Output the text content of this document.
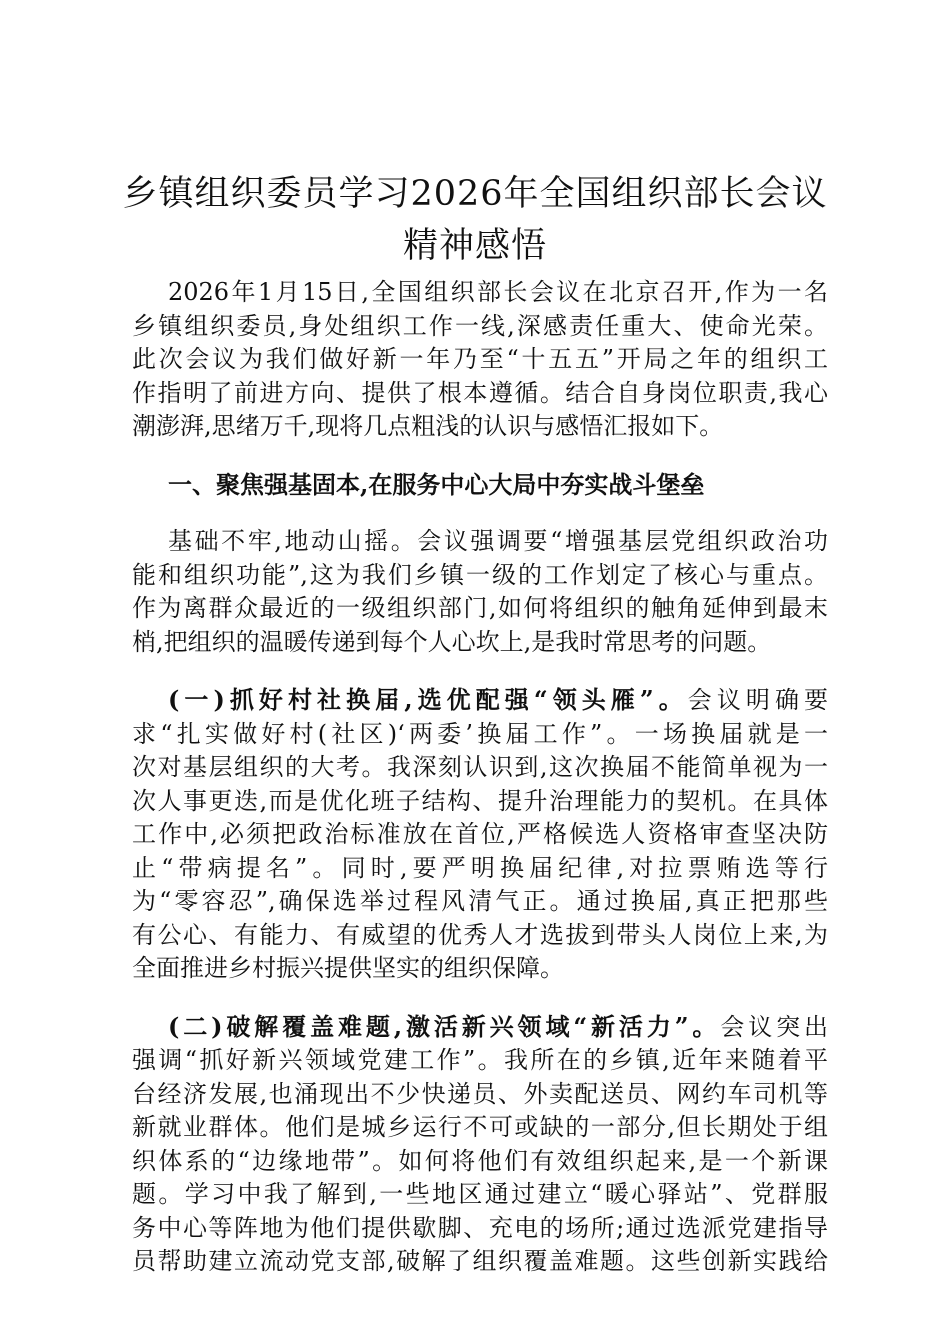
乡镇组织委员学习2026年全国组织部长会议
精神感悟

2026年1月15日,全国组织部长会议在北京召开,作为一名
乡镇组织委员,身处组织工作一线,深感责任重大、使命光荣。
此次会议为我们做好新一年乃至“十五五”开局之年的组织工
作指明了前进方向、提供了根本遵循。结合自身岗位职责,我心
潮澎湃,思绪万千,现将几点粗浅的认识与感悟汇报如下。

一、聚焦强基固本,在服务中心大局中夯实战斗堡垒

基础不牢,地动山摇。会议强调要“增强基层党组织政治功
能和组织功能”,这为我们乡镇一级的工作划定了核心与重点。
作为离群众最近的一级组织部门,如何将组织的触角延伸到最末
梢,把组织的温暖传递到每个人心坎上,是我时常思考的问题。

(一)抓好村社换届,选优配强“领头雁”。会议明确要
求“扎实做好村(社区)‘两委’换届工作”。一场换届就是一
次对基层组织的大考。我深刻认识到,这次换届不能简单视为一
次人事更迭,而是优化班子结构、提升治理能力的契机。在具体
工作中,必须把政治标准放在首位,严格候选人资格审查坚决防
止“带病提名”。同时,要严明换届纪律,对拉票贿选等行
为“零容忍”,确保选举过程风清气正。通过换届,真正把那些
有公心、有能力、有威望的优秀人才选拔到带头人岗位上来,为
全面推进乡村振兴提供坚实的组织保障。

(二)破解覆盖难题,激活新兴领域“新活力”。会议突出
强调“抓好新兴领域党建工作”。我所在的乡镇,近年来随着平
台经济发展,也涌现出不少快递员、外卖配送员、网约车司机等
新就业群体。他们是城乡运行不可或缺的一部分,但长期处于组
织体系的“边缘地带”。如何将他们有效组织起来,是一个新课
题。学习中我了解到,一些地区通过建立“暖心驿站”、党群服
务中心等阵地为他们提供歇脚、充电的场所;通过选派党建指导
员帮助建立流动党支部,破解了组织覆盖难题。这些创新实践给
